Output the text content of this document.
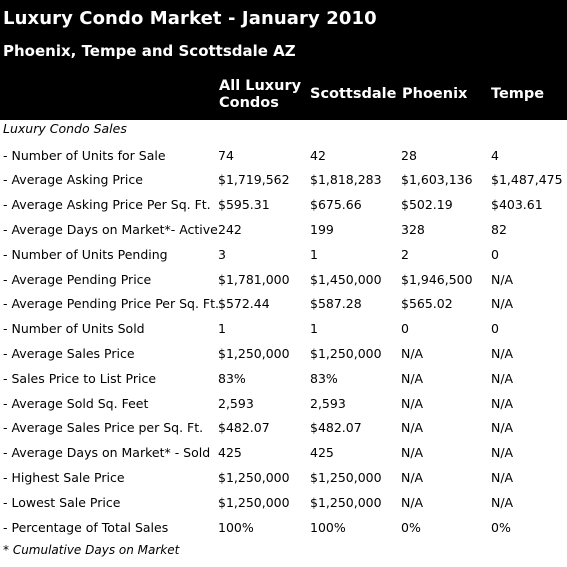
Luxury Condo Market - January 2010
Phoenix, Tempe and Scottsdale AZ
All Luxury
Condos
Scottsdale Phoenix Tempe
Luxury Condo Sales
- Number of Units for Sale	74	42	28	4
- Average Asking Price	$1,719,562 $1,818,283 $1,603,136 $1,487,475
- Average Asking Price Per Sq. Ft. $595.31	$675.66	$502.19	$403.61
- Average Days on Market*- Active 242	199	328	82
- Number of Units Pending	3	1	2	0
- Average Pending Price	$1,781,000 $1,450,000 $1,946,500 N/A
- Average Pending Price Per Sq. Ft. $572.44	$587.28	$565.02	N/A
- Number of Units Sold	1	1	0	0
- Average Sales Price	$1,250,000 $1,250,000 N/A	N/A
- Sales Price to List Price	83%	83%	N/A	N/A
- Average Sold Sq. Feet	2,593	2,593	N/A	N/A
- Average Sales Price per Sq. Ft. $482.07	$482.07	N/A	N/A
- Average Days on Market* - Sold 425	425	N/A	N/A
- Highest Sale Price	$1,250,000 $1,250,000 N/A	N/A
- Lowest Sale Price	$1,250,000 $1,250,000 N/A	N/A
- Percentage of Total Sales	100%	100%	0%	0%
* Cumulative Days on Market
